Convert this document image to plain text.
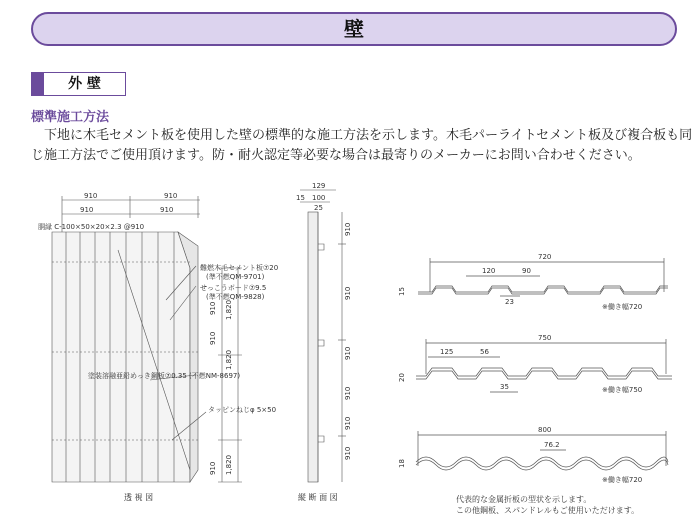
壁
外 壁
標準施工方法
下地に木毛セメント板を使用した壁の標準的な施工方法を示します。木毛パーライトセメント板及び複合板も同じ施工方法でご使用頂けます。防・耐火認定等必要な場合は最寄りのメーカーにお問い合わせください。
910	910
910	910
胴縁 C-100×50×20×2.3 @910
難燃木毛セメント板⑦20
(準不燃QM-9701)
せっこうボード⑦9.5
(準不燃QM-9828)
塗装溶融亜鉛めっき鋼板⑦0.35 (不燃NM-8697)
タッピンねじφ 5×50
910 1,820
910
1,820
910 1,820
透 視 図
129
15 100
25
910
910
910
910
910
910
縦 断 面 図
720
120	90
23
15
※働き幅720
750
125	56
35
20
※働き幅750
800
76.2
18
※働き幅720
代表的な金属折板の型状を示します。
この他鋼板、スパンドレルもご使用いただけます。
